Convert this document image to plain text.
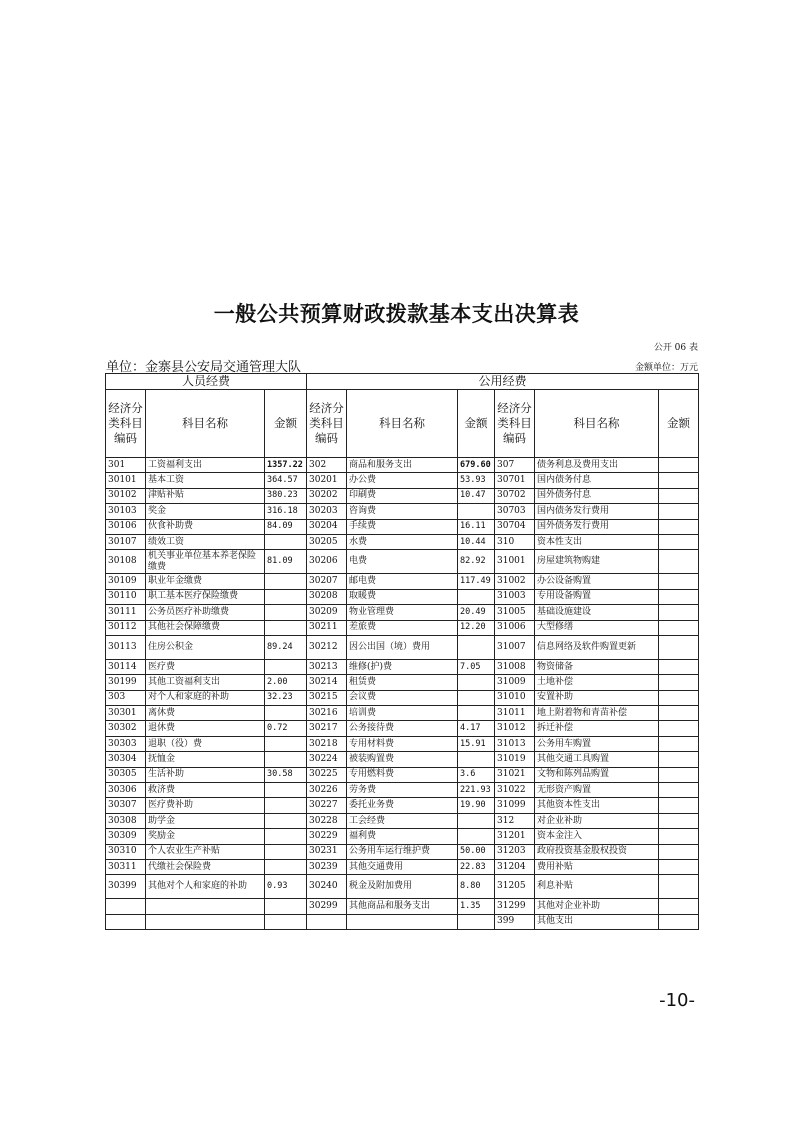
一般公共预算财政拨款基本支出决算表
公开 06 表
单位：金寨县公安局交通管理大队	金额单位：万元
人员经费			公用经费					
经济分类科目编码	科目名称	金额	经济分类科目编码	科目名称	金额	经济分类科目编码	科目名称	金额
301	工资福利支出	1357.22	302	商品和服务支出	679.60	307	债务利息及费用支出	
30101	基本工资	364.57	30201	办公费	53.93	30701	国内债务付息	
30102	津贴补贴	380.23	30202	印刷费	10.47	30702	国外债务付息	
30103	奖金	316.18	30203	咨询费		30703	国内债务发行费用	
30106	伙食补助费	84.09	30204	手续费	16.11	30704	国外债务发行费用	
30107	绩效工资		30205	水费	10.44	310	资本性支出	
30108	机关事业单位基本养老保险缴费	81.09	30206	电费	82.92	31001	房屋建筑物购建	
30109	职业年金缴费		30207	邮电费	117.49	31002	办公设备购置	
30110	职工基本医疗保险缴费		30208	取暖费		31003	专用设备购置	
30111	公务员医疗补助缴费		30209	物业管理费	20.49	31005	基础设施建设	
30112	其他社会保障缴费		30211	差旅费	12.20	31006	大型修缮	
30113	住房公积金	89.24	30212	因公出国（境）费用		31007	信息网络及软件购置更新	
30114	医疗费		30213	维修(护)费	7.05	31008	物资储备	
30199	其他工资福利支出	2.00	30214	租赁费		31009	土地补偿	
303	对个人和家庭的补助	32.23	30215	会议费		31010	安置补助	
30301	离休费		30216	培训费		31011	地上附着物和青苗补偿	
30302	退休费	0.72	30217	公务接待费	4.17	31012	拆迁补偿	
30303	退职（役）费		30218	专用材料费	15.91	31013	公务用车购置	
30304	抚恤金		30224	被装购置费		31019	其他交通工具购置	
30305	生活补助	30.58	30225	专用燃料费	3.6	31021	文物和陈列品购置	
30306	救济费		30226	劳务费	221.93	31022	无形资产购置	
30307	医疗费补助		30227	委托业务费	19.90	31099	其他资本性支出	
30308	助学金		30228	工会经费		312	对企业补助	
30309	奖励金		30229	福利费		31201	资本金注入	
30310	个人农业生产补贴		30231	公务用车运行维护费	50.00	31203	政府投资基金股权投资	
30311	代缴社会保险费		30239	其他交通费用	22.83	31204	费用补贴	
30399	其他对个人和家庭的补助	0.93	30240	税金及附加费用	8.80	31205	利息补贴	
			30299	其他商品和服务支出	1.35	31299	其他对企业补助	
						399	其他支出	
-10-
